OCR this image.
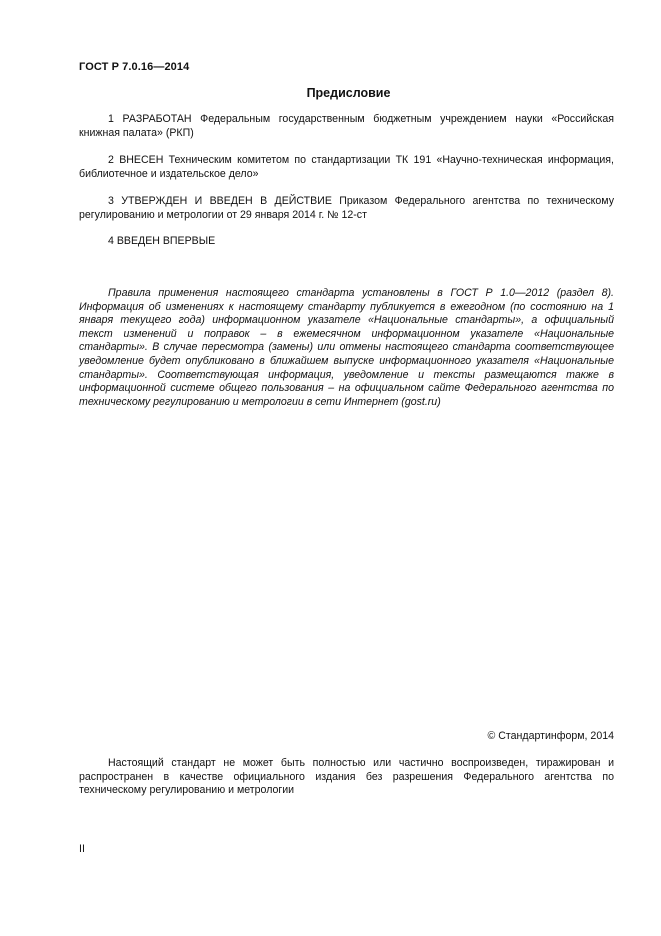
ГОСТ Р 7.0.16—2014
Предисловие

1 РАЗРАБОТАН Федеральным государственным бюджетным учреждением науки «Российская книжная палата» (РКП)

2 ВНЕСЕН Техническим комитетом по стандартизации ТК 191 «Научно-техническая информация, библиотечное и издательское дело»

3 УТВЕРЖДЕН И ВВЕДЕН В ДЕЙСТВИЕ Приказом Федерального агентства по техническому регулированию и метрологии от 29 января 2014 г. № 12-ст

4 ВВЕДЕН ВПЕРВЫЕ

Правила применения настоящего стандарта установлены в ГОСТ Р 1.0—2012 (раздел 8). Информация об изменениях к настоящему стандарту публикуется в ежегодном (по состоянию на 1 января текущего года) информационном указателе «Национальные стандарты», а официальный текст изменений и поправок – в ежемесячном информационном указателе «Национальные стандарты». В случае пересмотра (замены) или отмены настоящего стандарта соответствующее уведомление будет опубликовано в ближайшем выпуске информационного указателя «Национальные стандарты». Соответствующая информация, уведомление и тексты размещаются также в информационной системе общего пользования – на официальном сайте Федерального агентства по техническому регулированию и метрологии в сети Интернет (gost.ru)

© Стандартинформ, 2014

Настоящий стандарт не может быть полностью или частично воспроизведен, тиражирован и распространен в качестве официального издания без разрешения Федерального агентства по техническому регулированию и метрологии

II
